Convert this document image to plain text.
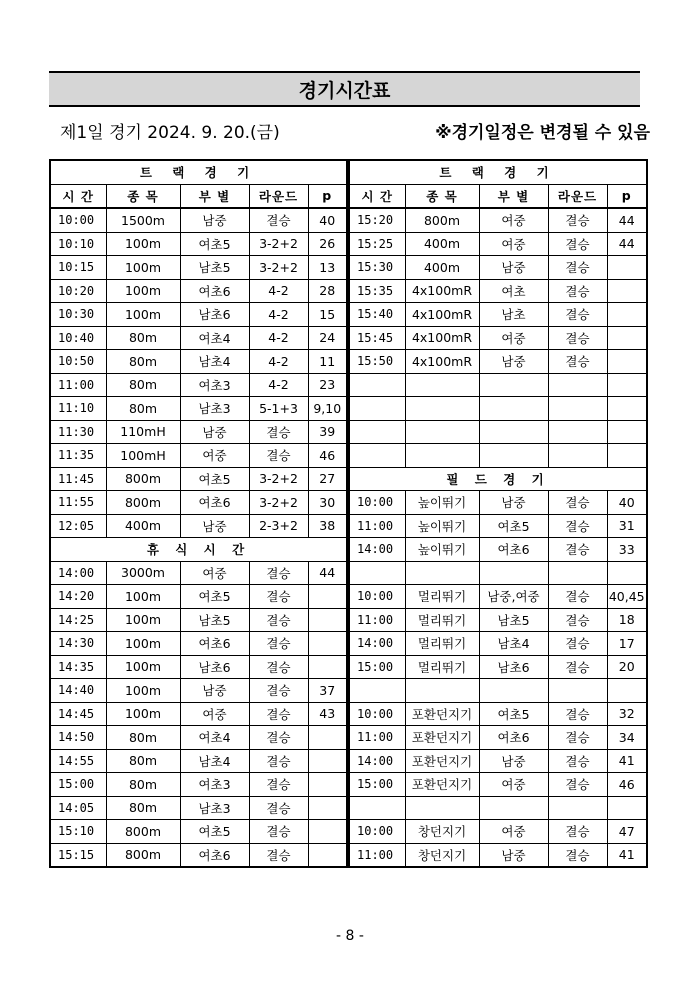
경기시간표
제1일 경기 2024. 9. 20.(금)	※경기일정은 변경될 수 있음
트 랙 경 기				
시 간	종 목	부 별	라운드	p
10:00	1500m	남중	결승	40
10:10	100m	여초5	3-2+2	26
10:15	100m	남초5	3-2+2	13
10:20	100m	여초6	4-2	28
10:30	100m	남초6	4-2	15
10:40	80m	여초4	4-2	24
10:50	80m	남초4	4-2	11
11:00	80m	여초3	4-2	23
11:10	80m	남초3	5-1+3	9,10
11:30	110mH	남중	결승	39
11:35	100mH	여중	결승	46
11:45	800m	여초5	3-2+2	27
11:55	800m	여초6	3-2+2	30
12:05	400m	남중	2-3+2	38
휴 식 시 간				

14:00	3000m	여중	결승	44
14:20	100m	여초5	결승	
14:25	100m	남초5	결승	
14:30	100m	여초6	결승	
14:35	100m	남초6	결승	
14:40	100m	남중	결승	37
14:45	100m	여중	결승	43
14:50	80m	여초4	결승	
14:55	80m	남초4	결승	
15:00	80m	여초3	결승	
14:05	80m	남초3	결승	
15:10	800m	여초5	결승	
15:15	800m	여초6	결승	
트 랙 경 기				
시 간	종 목	부 별	라운드	p
15:20	800m	여중	결승	44
15:25	400m	여중	결승	44
15:30	400m	남중	결승	
15:35	4x100mR	여초	결승	
15:40	4x100mR	남초	결승	
15:45	4x100mR	여중	결승	
15:50	4x100mR	남중	결승	

필 드 경 기				
10:00	높이뛰기	남중	결승	40
11:00	높이뛰기	여초5	결승	31
14:00	높이뛰기	여초6	결승	33

10:00	멀리뛰기	남중,여중	결승	40,45
11:00	멀리뛰기	남초5	결승	18
14:00	멀리뛰기	남초4	결승	17
15:00	멀리뛰기	남초6	결승	20

10:00	포환던지기	여초5	결승	32

11:00	포환던지기	여초6	결승	34
14:00	포환던지기	남중	결승	41
15:00	포환던지기	여중	결승	46

10:00	창던지기	여중	결승	47
11:00	창던지기	남중	결승	41
- 8 -
